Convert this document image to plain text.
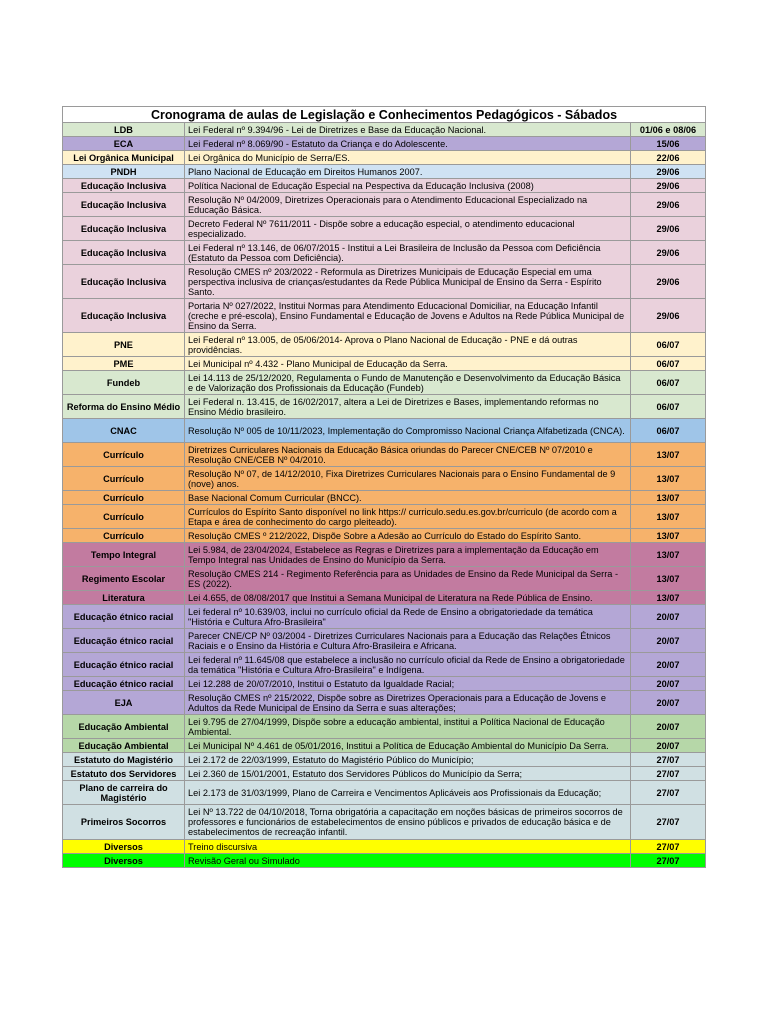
Cronograma de aulas de Legislação e Conhecimentos Pedagógicos - Sábados		
LDB	Lei Federal nº 9.394/96 - Lei de Diretrizes e Base da Educação Nacional.	01/06 e 08/06
ECA	Lei Federal nº 8.069/90 - Estatuto da Criança e do Adolescente.	15/06
Lei Orgânica Municipal	Lei Orgânica do Município de Serra/ES.	22/06
PNDH	Plano Nacional de Educação em Direitos Humanos 2007.	29/06
Educação Inclusiva	Política Nacional de Educação Especial na Pespectiva da Educação Inclusiva (2008)	29/06
Educação Inclusiva	Resolução Nº 04/2009, Diretrizes Operacionais para o Atendimento Educacional Especializado na Educação Básica.	29/06
Educação Inclusiva	Decreto Federal Nº 7611/2011 - Dispõe sobre a educação especial, o atendimento educacional especializado.	29/06
Educação Inclusiva	Lei Federal nº 13.146, de 06/07/2015 - Institui a Lei Brasileira de Inclusão da Pessoa com Deficiência (Estatuto da Pessoa com Deficiência).	29/06
Educação Inclusiva	Resolução CMES nº 203/2022 - Reformula as Diretrizes Municipais de Educação Especial em uma perspectiva inclusiva de crianças/estudantes da Rede Pública Municipal de Ensino da Serra - Espírito Santo.	29/06
Educação Inclusiva	Portaria Nº 027/2022, Institui Normas para Atendimento Educacional Domiciliar, na Educação Infantil (creche e pré-escola), Ensino Fundamental e Educação de Jovens e Adultos na Rede Pública Municipal de Ensino da Serra.	29/06
PNE	Lei Federal nº 13.005, de 05/06/2014- Aprova o Plano Nacional de Educação - PNE e dá outras providências.	06/07
PME	Lei Municipal nº 4.432 - Plano Municipal de Educação da Serra.	06/07
Fundeb	Lei 14.113 de 25/12/2020, Regulamenta o Fundo de Manutenção e Desenvolvimento da Educação Básica e de Valorização dos Profissionais da Educação (Fundeb)	06/07
Reforma do Ensino Médio	Lei Federal n. 13.415, de 16/02/2017, altera a Lei de Diretrizes e Bases, implementando reformas no Ensino Médio brasileiro.	06/07
CNAC	Resolução Nº 005 de 10/11/2023, Implementação do Compromisso Nacional Criança Alfabetizada (CNCA).	06/07
Currículo	Diretrizes Curriculares Nacionais da Educação Básica oriundas do Parecer CNE/CEB Nº 07/2010 e Resolução CNE/CEB Nº 04/2010.	13/07
Currículo	Resolução Nº 07, de 14/12/2010, Fixa Diretrizes Curriculares Nacionais para o Ensino Fundamental de 9 (nove) anos.	13/07
Currículo	Base Nacional Comum Curricular (BNCC).	13/07
Currículo	Currículos do Espírito Santo disponível no link https:// curriculo.sedu.es.gov.br/curriculo (de acordo com a Etapa e área de conhecimento do cargo pleiteado).	13/07
Currículo	Resolução CMES º 212/2022, Dispõe Sobre a Adesão ao Currículo do Estado do Espírito Santo.	13/07
Tempo Integral	Lei 5.984, de 23/04/2024, Estabelece as Regras e Diretrizes para a implementação da Educação em Tempo Integral nas Unidades de Ensino do Município da Serra.	13/07
Regimento Escolar	Resolução CMES 214 - Regimento Referência para as Unidades de Ensino da Rede Municipal da Serra - ES (2022).	13/07
Literatura	Lei 4.655, de 08/08/2017 que Institui a Semana Municipal de Literatura na Rede Pública de Ensino.	13/07
Educação étnico racial	Lei federal nº 10.639/03, inclui no currículo oficial da Rede de Ensino a obrigatoriedade da temática "História e Cultura Afro-Brasileira"	20/07
Educação étnico racial	Parecer CNE/CP Nº 03/2004 - Diretrizes Curriculares Nacionais para a Educação das Relações Étnicos Raciais e o Ensino da História e Cultura Afro-Brasileira e Africana.	20/07
Educação étnico racial	Lei federal nº 11.645/08 que estabelece a inclusão no currículo oficial da Rede de Ensino a obrigatoriedade da temática "História e Cultura Afro-Brasileira" e Indígena.	20/07
Educação étnico racial	Lei 12.288 de 20/07/2010, Institui o Estatuto da Igualdade Racial;	20/07
EJA	Resolução CMES nº 215/2022, Dispõe sobre as Diretrizes Operacionais para a Educação de Jovens e Adultos da Rede Municipal de Ensino da Serra e suas alterações;	20/07
Educação Ambiental	Lei 9.795 de 27/04/1999, Dispõe sobre a educação ambiental, institui a Política Nacional de Educação Ambiental.	20/07
Educação Ambiental	Lei Municipal Nº 4.461 de 05/01/2016, Institui a Política de Educação Ambiental do Município Da Serra.	20/07
Estatuto do Magistério	Lei 2.172 de 22/03/1999, Estatuto do Magistério Público do Município;	27/07
Estatuto dos Servidores	Lei 2.360 de 15/01/2001, Estatuto dos Servidores Públicos do Município da Serra;	27/07
Plano de carreira do Magistério	Lei 2.173 de 31/03/1999, Plano de Carreira e Vencimentos Aplicáveis aos Profissionais da Educação;	27/07
Primeiros Socorros	Lei Nº 13.722 de 04/10/2018, Torna obrigatória a capacitação em noções básicas de primeiros socorros de professores e funcionários de estabelecimentos de ensino públicos e privados de educação básica e de estabelecimentos de recreação infantil.	27/07
Diversos	Treino discursiva	27/07
Diversos	Revisão Geral ou Simulado	27/07
